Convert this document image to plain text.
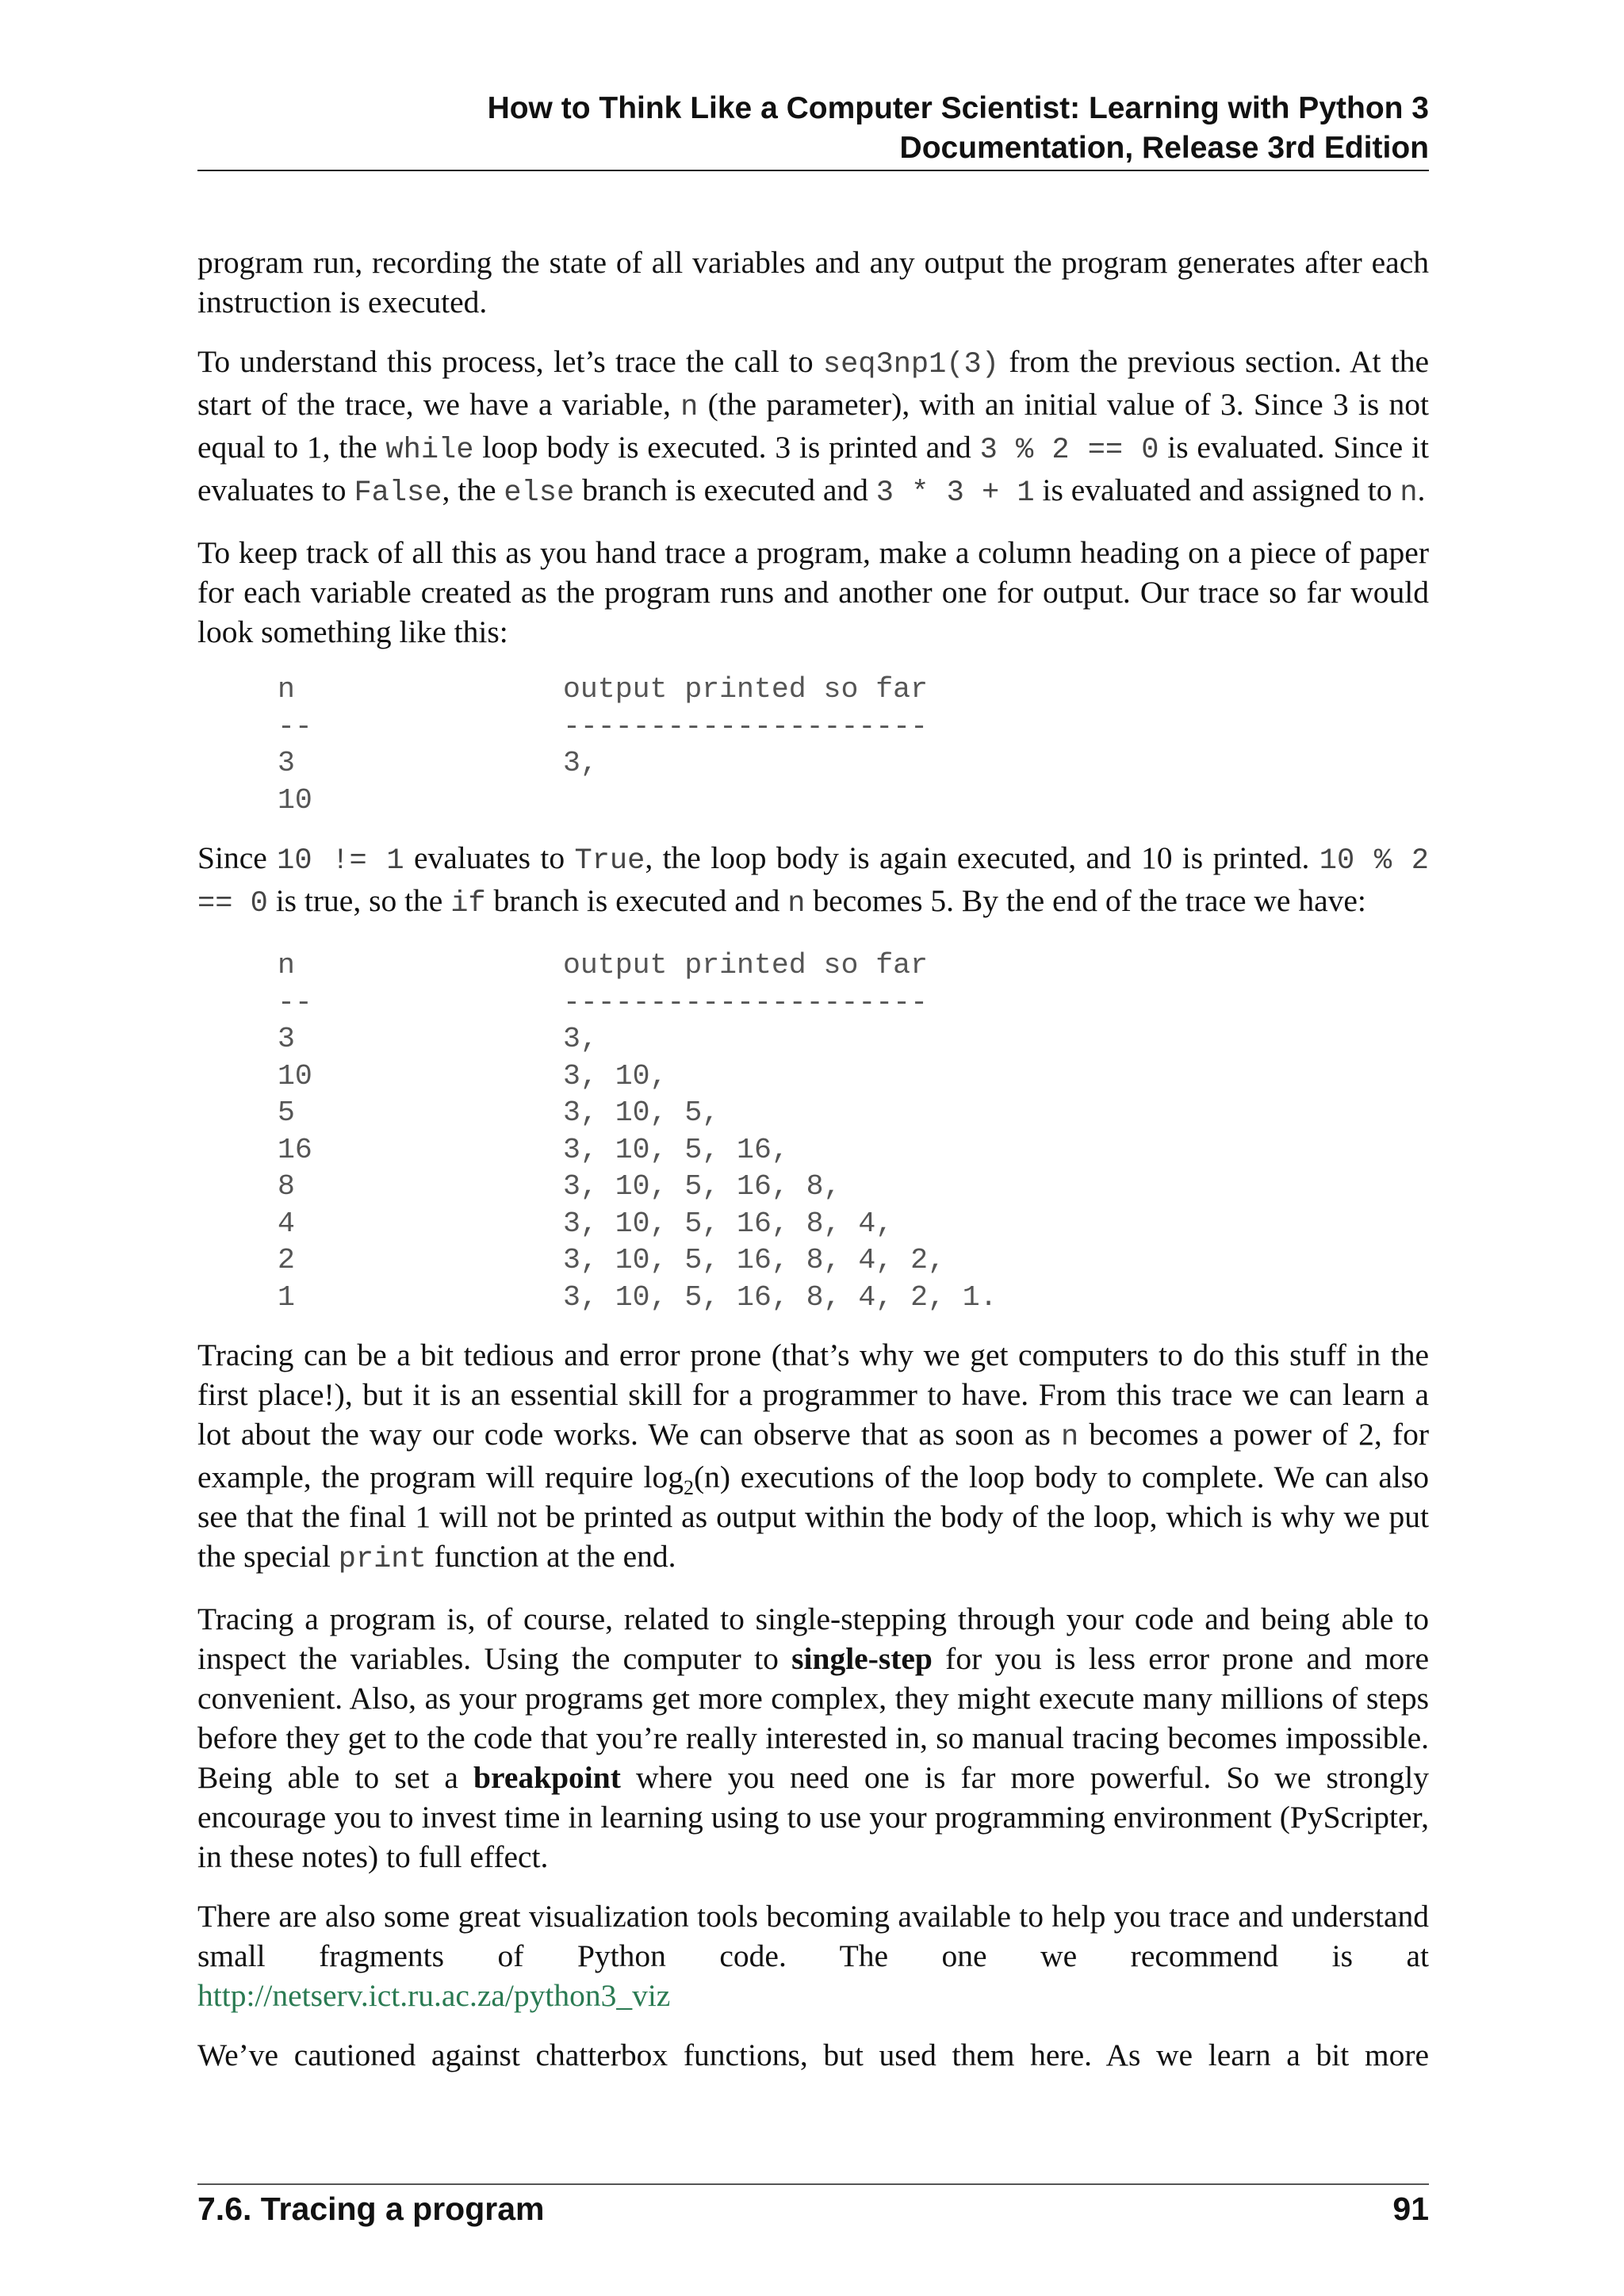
How to Think Like a Computer Scientist: Learning with Python 3
Documentation, Release 3rd Edition

program run, recording the state of all variables and any output the program generates after each instruction is executed.

To understand this process, let’s trace the call to seq3np1(3) from the previous section. At the start of the trace, we have a variable, n (the parameter), with an initial value of 3. Since 3 is not equal to 1, the while loop body is executed. 3 is printed and 3 % 2 == 0 is evaluated. Since it evaluates to False, the else branch is executed and 3 * 3 + 1 is evaluated and assigned to n.

To keep track of all this as you hand trace a program, make a column heading on a piece of paper for each variable created as the program runs and another one for output. Our trace so far would look something like this:

n	output printed so far
--	---------------------
3	3,
10

Since 10 != 1 evaluates to True, the loop body is again executed, and 10 is printed. 10 % 2 == 0 is true, so the if branch is executed and n becomes 5. By the end of the trace we have:

n	output printed so far
--	---------------------
3	3,
10	3, 10,
5	3, 10, 5,
16	3, 10, 5, 16,
8	3, 10, 5, 16, 8,
4	3, 10, 5, 16, 8, 4,
2	3, 10, 5, 16, 8, 4, 2,
1	3, 10, 5, 16, 8, 4, 2, 1.

Tracing can be a bit tedious and error prone (that’s why we get computers to do this stuff in the first place!), but it is an essential skill for a programmer to have. From this trace we can learn a lot about the way our code works. We can observe that as soon as n becomes a power of 2, for example, the program will require $\log_2(n)$ executions of the loop body to complete. We can also see that the final 1 will not be printed as output within the body of the loop, which is why we put the special print function at the end.

Tracing a program is, of course, related to single-stepping through your code and being able to inspect the variables. Using the computer to single-step for you is less error prone and more convenient. Also, as your programs get more complex, they might execute many millions of steps before they get to the code that you’re really interested in, so manual tracing becomes impossible. Being able to set a breakpoint where you need one is far more powerful. So we strongly encourage you to invest time in learning using to use your programming environment (PyScripter, in these notes) to full effect.

There are also some great visualization tools becoming available to help you trace and understand small fragments of Python code. The one we recommend is at http://netserv.ict.ru.ac.za/python3_viz

We’ve cautioned against chatterbox functions, but used them here. As we learn a bit more

7.6. Tracing a program	91
